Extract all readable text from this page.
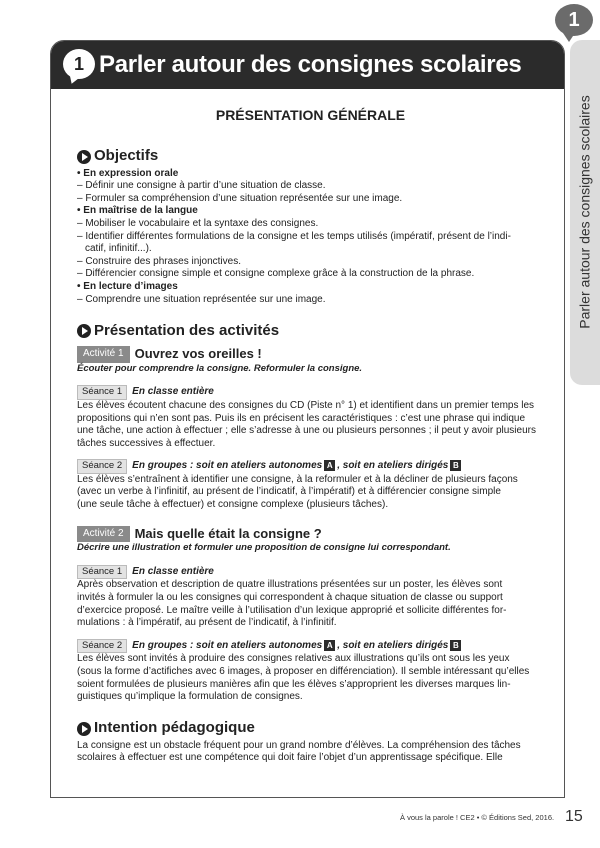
1
Parler autour des consignes scolaires
1 Parler autour des consignes scolaires
PRÉSENTATION GÉNÉRALE
Objectifs
• En expression orale
– Définir une consigne à partir d’une situation de classe.
– Formuler sa compréhension d’une situation représentée sur une image.
• En maîtrise de la langue
– Mobiliser le vocabulaire et la syntaxe des consignes.
– Identifier différentes formulations de la consigne et les temps utilisés (impératif, présent de l’indi-
catif, infinitif...).
– Construire des phrases injonctives.
– Différencier consigne simple et consigne complexe grâce à la construction de la phrase.
• En lecture d’images
– Comprendre une situation représentée sur une image.
Présentation des activités
Activité 1 Ouvrez vos oreilles !
Écouter pour comprendre la consigne. Reformuler la consigne.
Séance 1	En classe entière
Les élèves écoutent chacune des consignes du CD (Piste n° 1) et identifient dans un premier temps les
propositions qui n’en sont pas. Puis ils en précisent les caractéristiques : c’est une phrase qui indique
une tâche, une action à effectuer ; elle s’adresse à une ou plusieurs personnes ; il peut y avoir plusieurs
tâches successives à effectuer.
Séance 2	En groupes : soit en ateliers autonomes A , soit en ateliers dirigés B
Les élèves s’entraînent à identifier une consigne, à la reformuler et à la décliner de plusieurs façons
(avec un verbe à l’infinitif, au présent de l’indicatif, à l’impératif) et à différencier consigne simple
(une seule tâche à effectuer) et consigne complexe (plusieurs tâches).
Activité 2 Mais quelle était la consigne ?
Décrire une illustration et formuler une proposition de consigne lui correspondant.
Séance 1	En classe entière
Après observation et description de quatre illustrations présentées sur un poster, les élèves sont
invités à formuler la ou les consignes qui correspondent à chaque situation de classe ou support
d’exercice proposé. Le maître veille à l’utilisation d’un lexique approprié et sollicite différentes for-
mulations : à l’impératif, au présent de l’indicatif, à l’infinitif.
Séance 2	En groupes : soit en ateliers autonomes A , soit en ateliers dirigés B
Les élèves sont invités à produire des consignes relatives aux illustrations qu’ils ont sous les yeux
(sous la forme d’actifiches avec 6 images, à proposer en différenciation). Il semble intéressant qu’elles
soient formulées de plusieurs manières afin que les élèves s’approprient les diverses marques lin-
guistiques qu’implique la formulation de consignes.
Intention pédagogique
La consigne est un obstacle fréquent pour un grand nombre d’élèves. La compréhension des tâches
scolaires à effectuer est une compétence qui doit faire l’objet d’un apprentissage spécifique. Elle
À vous la parole ! CE2 • © Éditions Sed, 2016. 15
